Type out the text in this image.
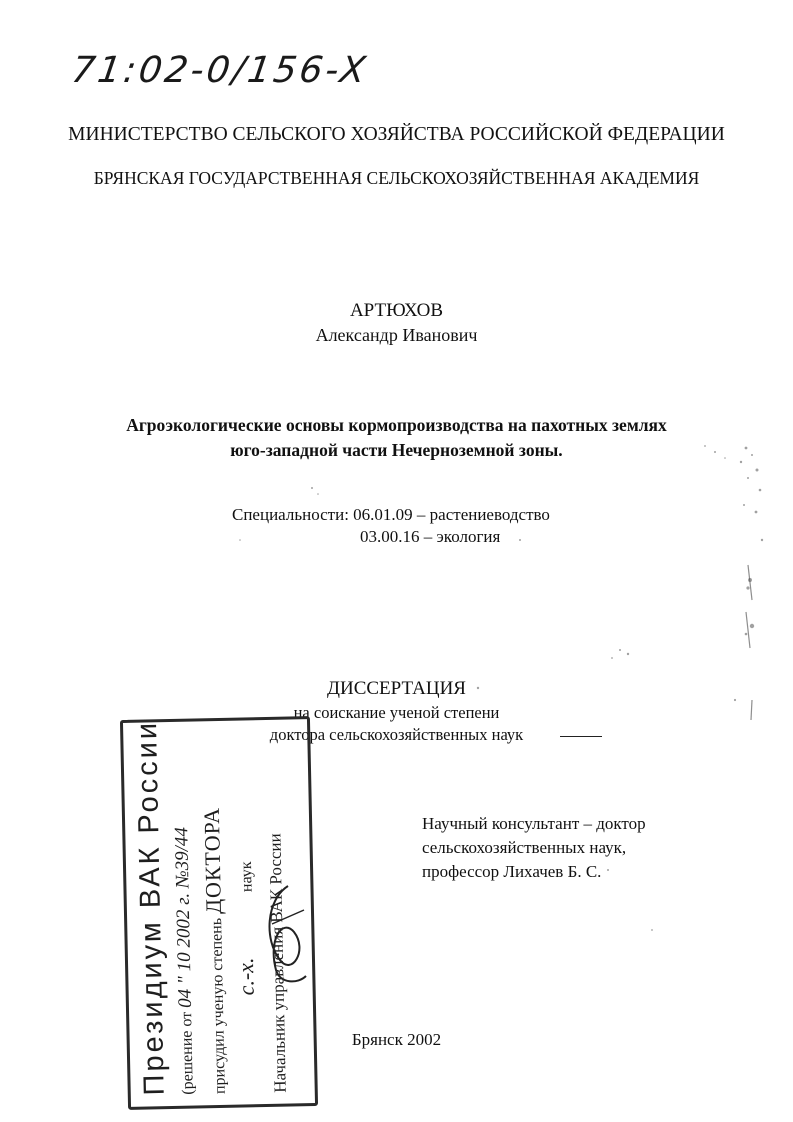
71:02-0/156-X
МИНИСТЕРСТВО СЕЛЬСКОГО ХОЗЯЙСТВА РОССИЙСКОЙ ФЕДЕРАЦИИ
БРЯНСКАЯ ГОСУДАРСТВЕННАЯ СЕЛЬСКОХОЗЯЙСТВЕННАЯ АКАДЕМИЯ
АРТЮХОВ
Александр Иванович
Агроэкологические основы кормопроизводства на пахотных землях
юго-западной части Нечерноземной зоны.
Специальности: 06.01.09 – растениеводство
03.00.16 – экология
ДИССЕРТАЦИЯ
на соискание ученой степени
доктора сельскохозяйственных наук
Научный консультант – доктор
сельскохозяйственных наук,
профессор Лихачев Б. С.
Брянск 2002
Президиум ВАК России (решение от 04 " 10 2002 г. №39/44 присудил ученую степень ДОКТОРА
с.-х. наук Начальник управления ВАК России
